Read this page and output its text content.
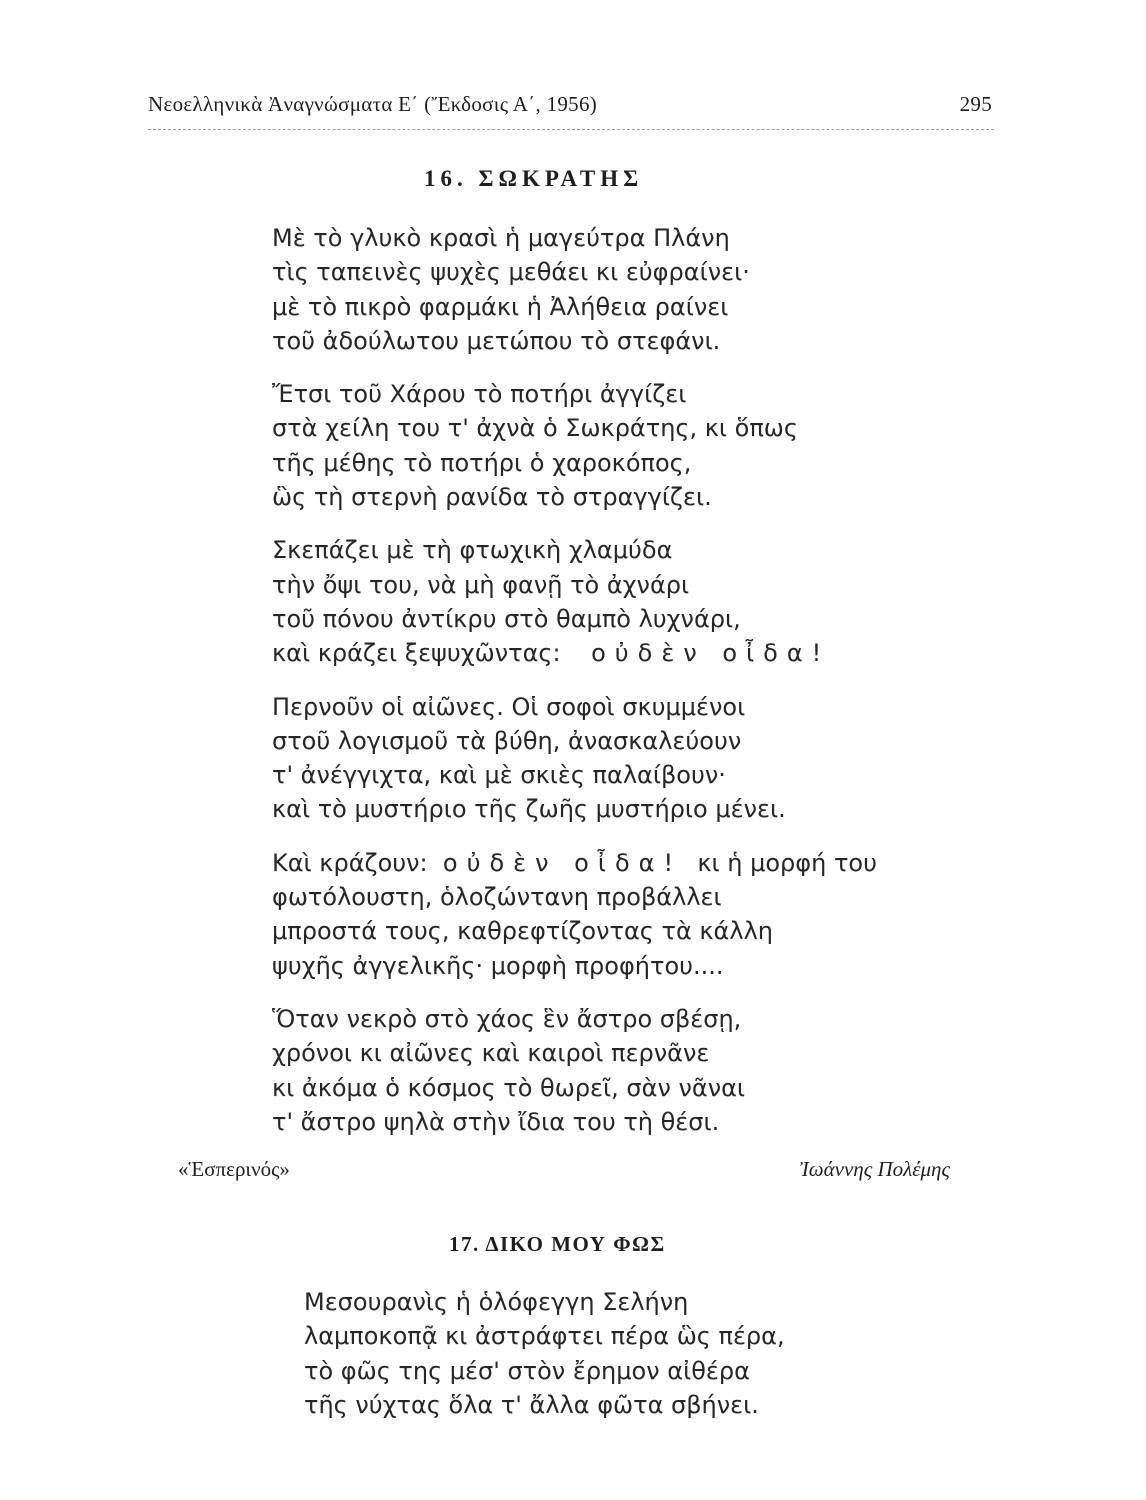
Νεοελληνικὰ Ἀναγνώσματα Ε΄ (Ἔκδοσις Α΄, 1956)	295
16. ΣΩΚΡΑΤΗΣ
Μὲ τὸ γλυκὸ κρασὶ ἡ μαγεύτρα Πλάνη
τὶς ταπεινὲς ψυχὲς μεθάει κι εὐφραίνει·
μὲ τὸ πικρὸ φαρμάκι ἡ Ἀλήθεια ραίνει
τοῦ ἀδούλωτου μετώπου τὸ στεφάνι.
Ἔτσι τοῦ Χάρου τὸ ποτήρι ἀγγίζει
στὰ χείλη του τ' ἀχνὰ ὁ Σωκράτης, κι ὅπως
τῆς μέθης τὸ ποτήρι ὁ χαροκόπος,
ὣς τὴ στερνὴ ρανίδα τὸ στραγγίζει.
Σκεπάζει μὲ τὴ φτωχικὴ χλαμύδα
τὴν ὄψι του, νὰ μὴ φανῇ τὸ ἀχνάρι
τοῦ πόνου ἀντίκρυ στὸ θαμπὸ λυχνάρι,
καὶ κράζει ξεψυχῶντας: οὐδὲν οἶδα!
Περνοῦν οἱ αἰῶνες. Οἱ σοφοὶ σκυμμένοι
στοῦ λογισμοῦ τὰ βύθη, ἀνασκαλεύουν
τ' ἀνέγγιχτα, καὶ μὲ σκιὲς παλαίβουν·
καὶ τὸ μυστήριο τῆς ζωῆς μυστήριο μένει.
Καὶ κράζουν: οὐδὲν οἶδα! κι ἡ μορφή του
φωτόλουστη, ὁλοζώντανη προβάλλει
μπροστά τους, καθρεφτίζοντας τὰ κάλλη
ψυχῆς ἀγγελικῆς· μορφὴ προφήτου....
Ὅταν νεκρὸ στὸ χάος ἓν ἄστρο σβέσῃ,
χρόνοι κι αἰῶνες καὶ καιροὶ περνᾶνε
κι ἀκόμα ὁ κόσμος τὸ θωρεῖ, σὰν νᾶναι
τ' ἄστρο ψηλὰ στὴν ἴδια του τὴ θέσι.
«Ἑσπερινός»	Ἰωάννης Πολέμης
17. ΔΙΚΟ ΜΟΥ ΦΩΣ
Μεσουρανὶς ἡ ὁλόφεγγη Σελήνη
λαμποκοπᾷ κι ἀστράφτει πέρα ὣς πέρα,
τὸ φῶς της μέσ' στὸν ἔρημον αἰθέρα
τῆς νύχτας ὅλα τ' ἄλλα φῶτα σβήνει.
